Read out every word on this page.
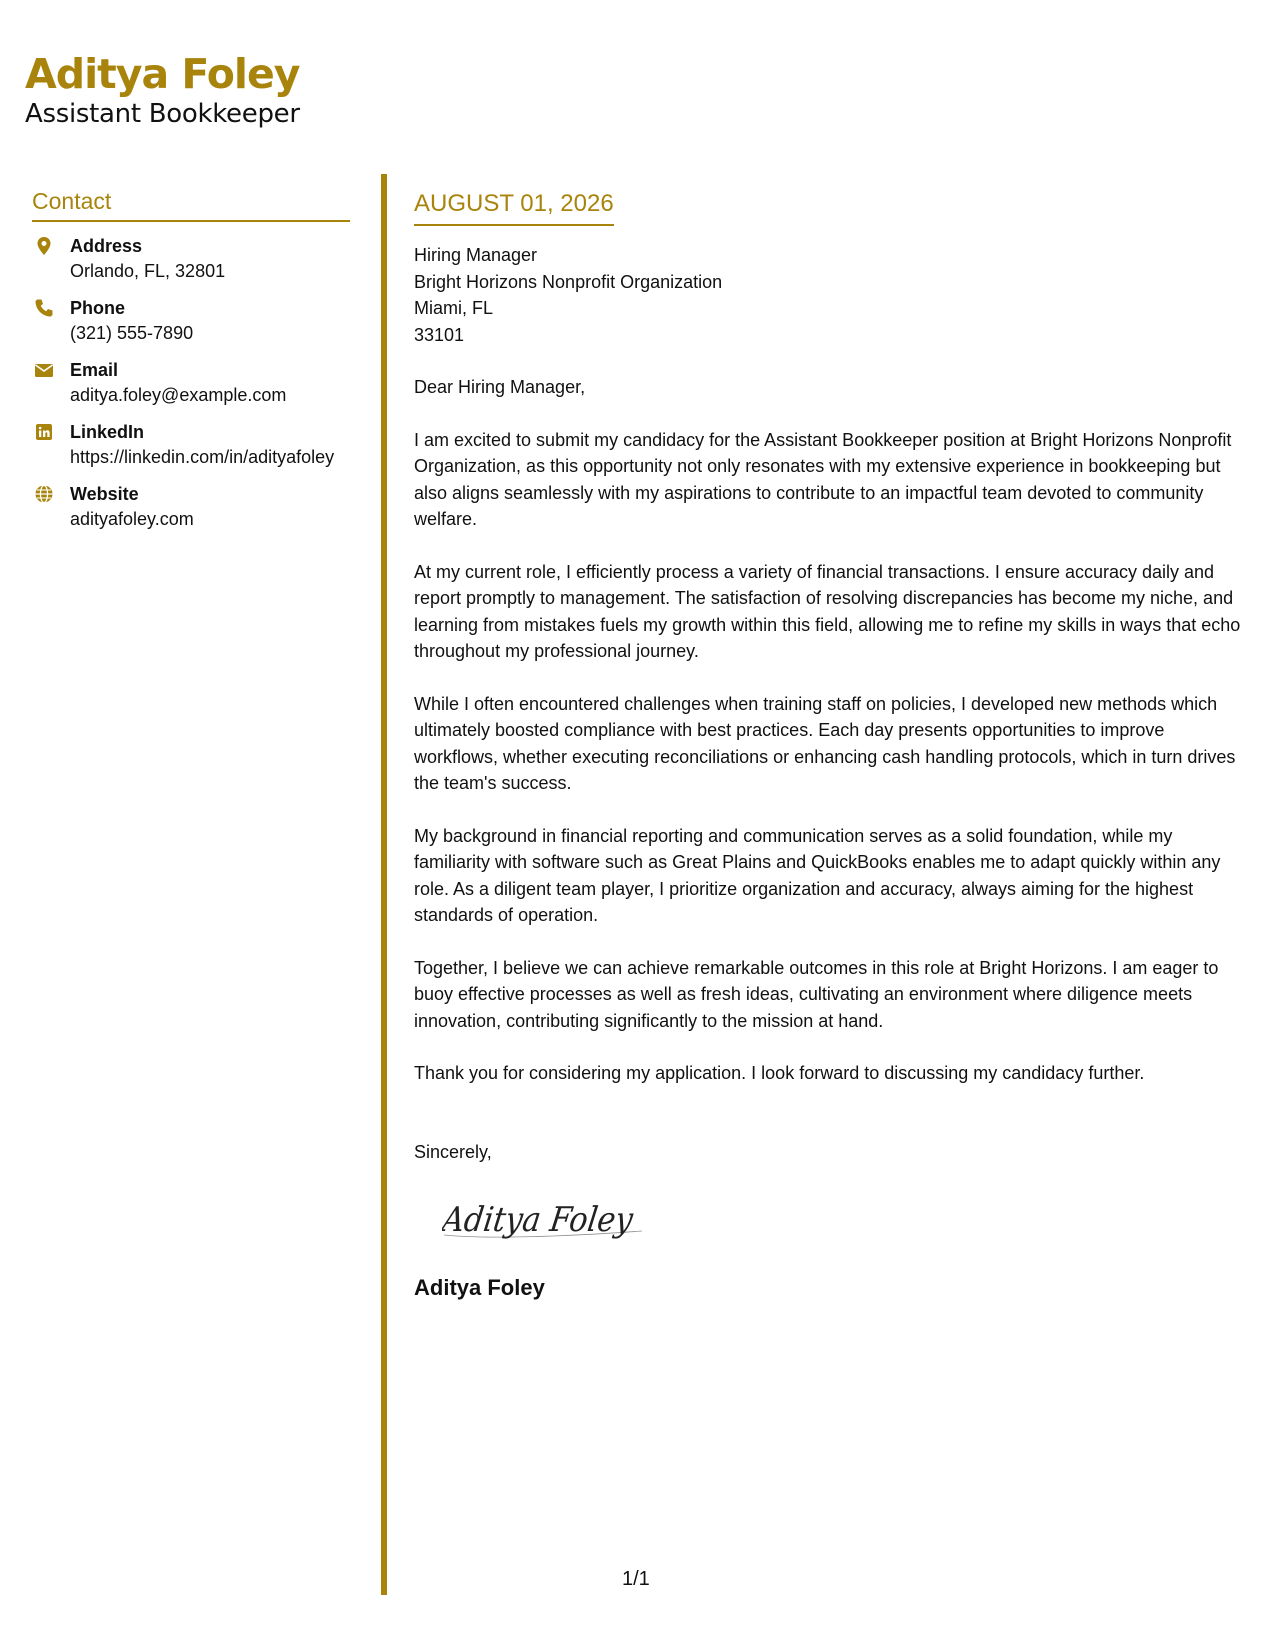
Aditya Foley
Assistant Bookkeeper
Contact
Address
Orlando, FL, 32801
Phone
(321) 555-7890
Email
aditya.foley@example.com
LinkedIn
https://linkedin.com/in/adityafoley
Website
adityafoley.com
AUGUST 01, 2026
Hiring Manager
Bright Horizons Nonprofit Organization
Miami, FL
33101

Dear Hiring Manager,

I am excited to submit my candidacy for the Assistant Bookkeeper position at Bright Horizons Nonprofit Organization, as this opportunity not only resonates with my extensive experience in bookkeeping but also aligns seamlessly with my aspirations to contribute to an impactful team devoted to community welfare.

At my current role, I efficiently process a variety of financial transactions. I ensure accuracy daily and report promptly to management. The satisfaction of resolving discrepancies has become my niche, and learning from mistakes fuels my growth within this field, allowing me to refine my skills in ways that echo throughout my professional journey.

While I often encountered challenges when training staff on policies, I developed new methods which ultimately boosted compliance with best practices. Each day presents opportunities to improve workflows, whether executing reconciliations or enhancing cash handling protocols, which in turn drives the team's success.

My background in financial reporting and communication serves as a solid foundation, while my familiarity with software such as Great Plains and QuickBooks enables me to adapt quickly within any role. As a diligent team player, I prioritize organization and accuracy, always aiming for the highest standards of operation.

Together, I believe we can achieve remarkable outcomes in this role at Bright Horizons. I am eager to buoy effective processes as well as fresh ideas, cultivating an environment where diligence meets innovation, contributing significantly to the mission at hand.

Thank you for considering my application. I look forward to discussing my candidacy further.

Sincerely,
Aditya Foley
Aditya Foley
1/1
